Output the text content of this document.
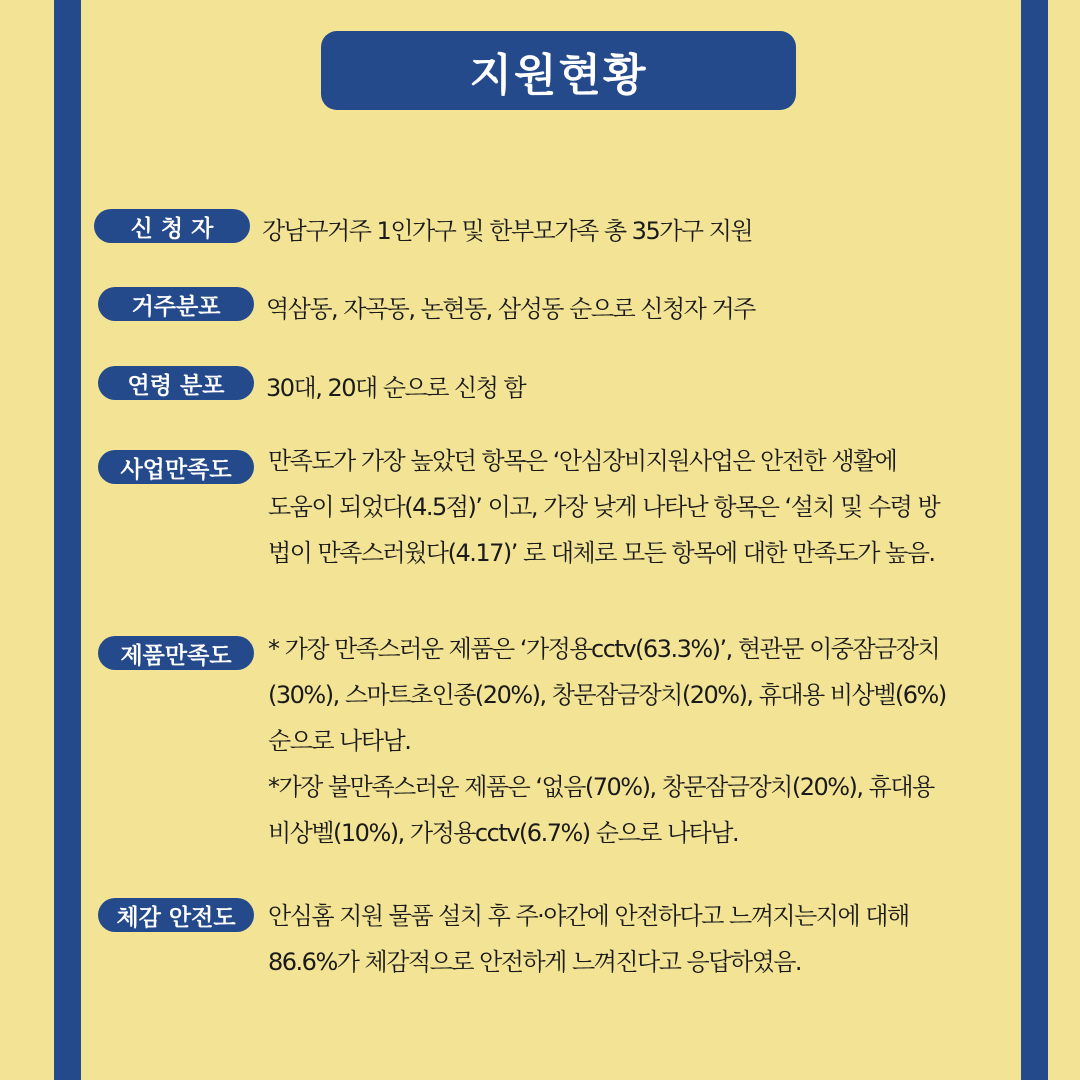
지원현황
신 청 자	강남구거주 1인가구 및 한부모가족 총 35가구 지원
거주분포	역삼동, 자곡동, 논현동, 삼성동 순으로 신청자 거주
연령 분포	30대, 20대 순으로 신청 함
사업만족도	만족도가 가장 높았던 항목은 ‘안심장비지원사업은 안전한 생활에
도움이 되었다(4.5점)’ 이고, 가장 낮게 나타난 항목은 ‘설치 및 수령 방
법이 만족스러웠다(4.17)’ 로 대체로 모든 항목에 대한 만족도가 높음.
제품만족도	* 가장 만족스러운 제품은 ‘가정용cctv(63.3%)’, 현관문 이중잠금장치
(30%), 스마트초인종(20%), 창문잠금장치(20%), 휴대용 비상벨(6%)
순으로 나타남.
*가장 불만족스러운 제품은 ‘없음(70%), 창문잠금장치(20%), 휴대용
비상벨(10%), 가정용cctv(6.7%) 순으로 나타남.
체감 안전도	안심홈 지원 물품 설치 후 주·야간에 안전하다고 느껴지는지에 대해
86.6%가 체감적으로 안전하게 느껴진다고 응답하였음.
